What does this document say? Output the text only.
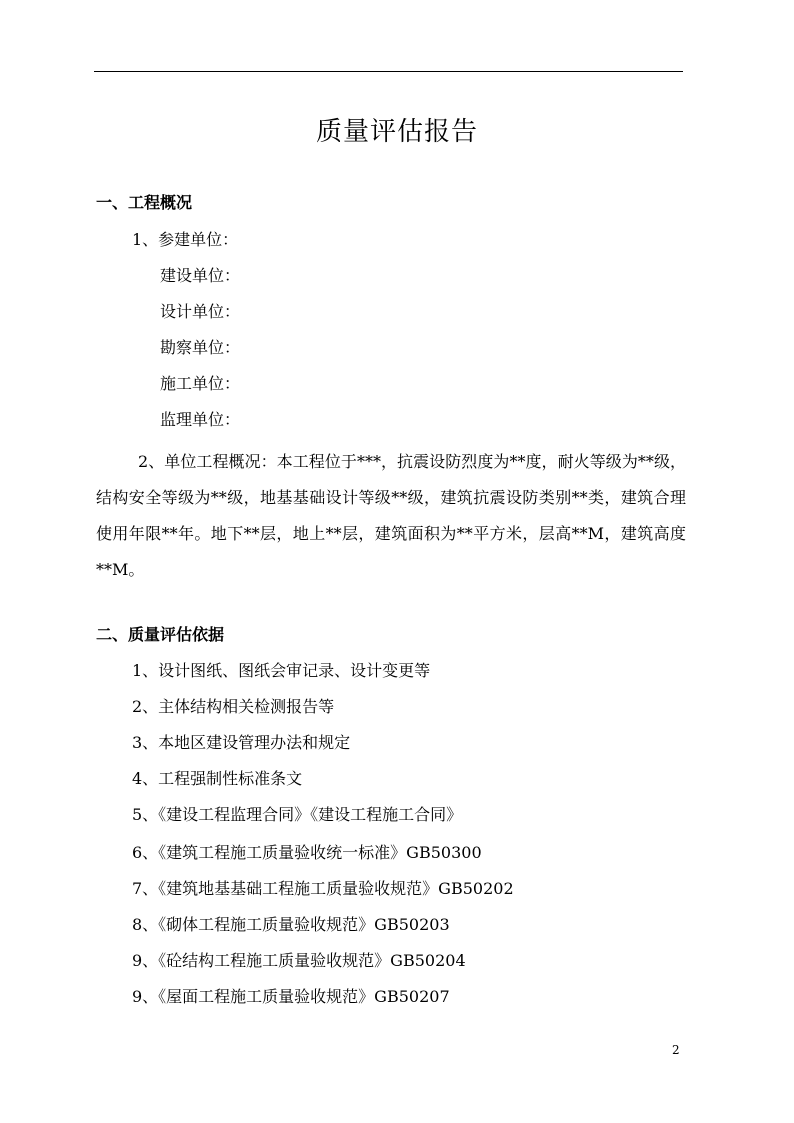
质量评估报告
一、工程概况
1、参建单位：
建设单位：
设计单位：
勘察单位：
施工单位：
监理单位：
2、单位工程概况：本工程位于***，抗震设防烈度为**度，耐火等级为**级，结构安全等级为**级，地基基础设计等级**级，建筑抗震设防类别**类，建筑合理使用年限**年。地下**层，地上**层，建筑面积为**平方米，层高**M，建筑高度**M。
二、质量评估依据
1、设计图纸、图纸会审记录、设计变更等
2、主体结构相关检测报告等
3、本地区建设管理办法和规定
4、工程强制性标准条文
5、《建设工程监理合同》《建设工程施工合同》
6、《建筑工程施工质量验收统一标准》GB50300
7、《建筑地基基础工程施工质量验收规范》GB50202
8、《砌体工程施工质量验收规范》GB50203
9、《砼结构工程施工质量验收规范》GB50204
9、《屋面工程施工质量验收规范》GB50207
2
